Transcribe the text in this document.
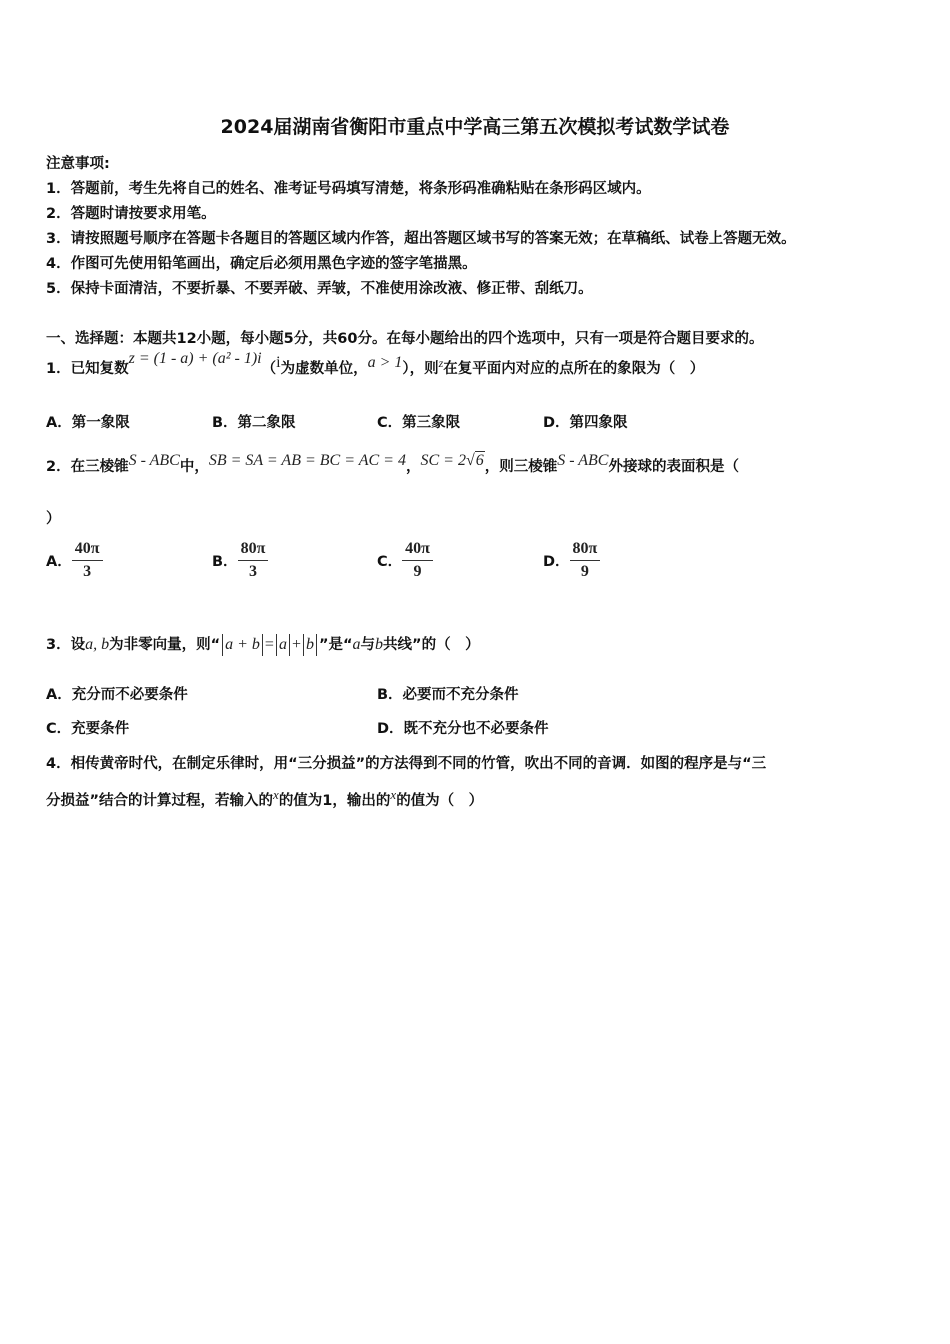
2024届湖南省衡阳市重点中学高三第五次模拟考试数学试卷
注意事项:
1．答题前，考生先将自己的姓名、准考证号码填写清楚，将条形码准确粘贴在条形码区域内。
2．答题时请按要求用笔。
3．请按照题号顺序在答题卡各题目的答题区域内作答，超出答题区域书写的答案无效；在草稿纸、试卷上答题无效。
4．作图可先使用铅笔画出，确定后必须用黑色字迹的签字笔描黑。
5．保持卡面清洁，不要折暴、不要弄破、弄皱，不准使用涂改液、修正带、刮纸刀。
一、选择题：本题共12小题，每小题5分，共60分。在每小题给出的四个选项中，只有一项是符合题目要求的。
1．已知复数z = (1 - a) + (a² - 1)i（i为虚数单位，a > 1），则$^z$在复平面内对应的点所在的象限为（　）
A．第一象限	B．第二象限	C．第三象限	D．第四象限
2．在三棱锥S - ABC中，SB = SA = AB = BC = AC = 4，SC = 2√6，则三棱锥S - ABC外接球的表面积是（
）
A． $\frac{40\pi}{3}$	B． $\frac{80\pi}{3}$	C． $\frac{40\pi}{9}$	D． $\frac{80\pi}{9}$
3．设a, b为非零向量，则“ a + b = a + b ”是“a与b共线”的（　）
A．充分而不必要条件	B．必要而不充分条件
C．充要条件	D．既不充分也不必要条件
4．相传黄帝时代，在制定乐律时，用“三分损益”的方法得到不同的竹管，吹出不同的音调．如图的程序是与“三
分损益”结合的计算过程，若输入的x的值为1，输出的x的值为（　）
